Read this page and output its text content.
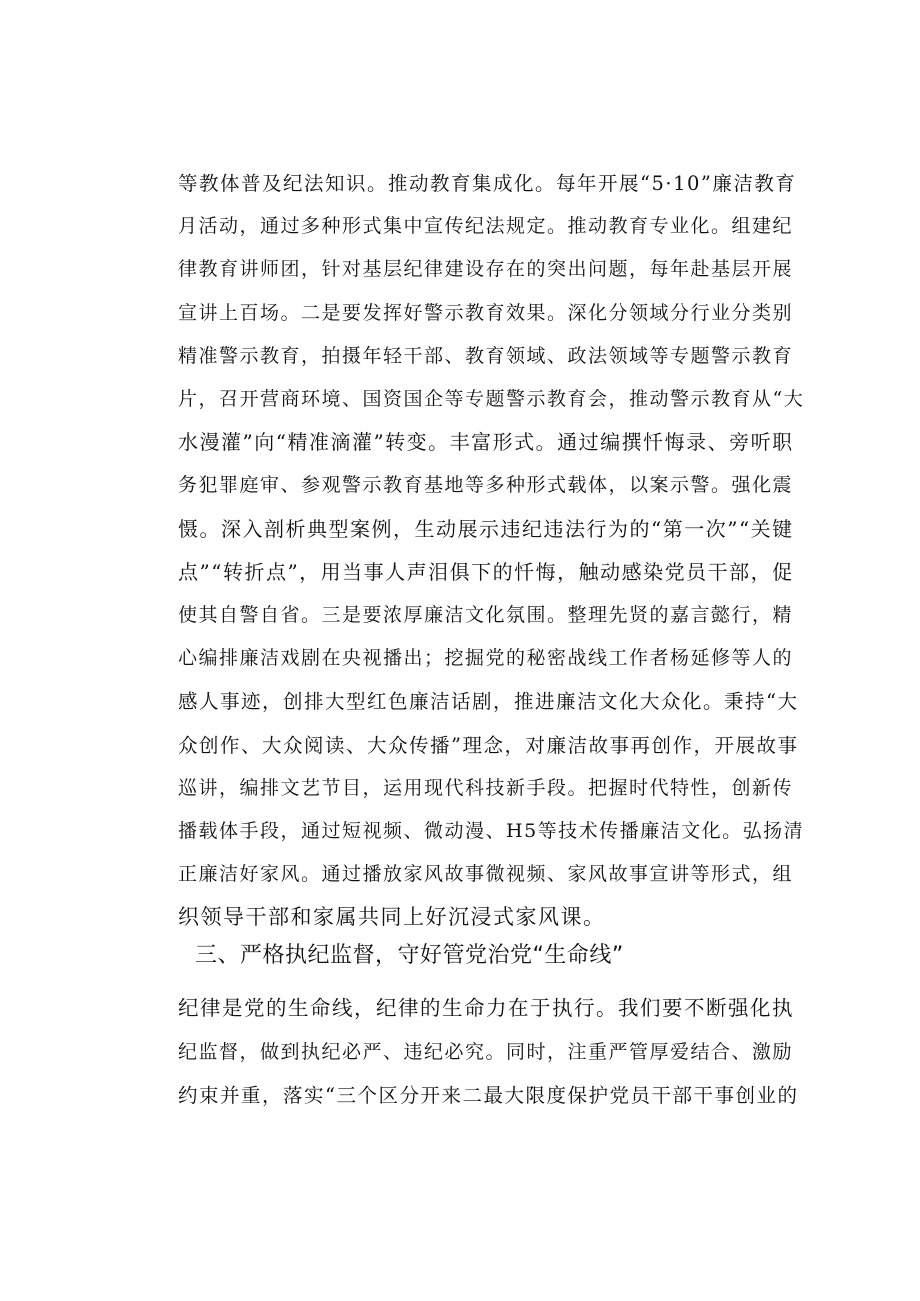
等教体普及纪法知识。推动教育集成化。每年开展“5·10”廉洁教育
月活动，通过多种形式集中宣传纪法规定。推动教育专业化。组建纪
律教育讲师团，针对基层纪律建设存在的突出问题，每年赴基层开展
宣讲上百场。二是要发挥好警示教育效果。深化分领域分行业分类别
精准警示教育，拍摄年轻干部、教育领域、政法领域等专题警示教育
片，召开营商环境、国资国企等专题警示教育会，推动警示教育从“大
水漫灌”向“精准滴灌”转变。丰富形式。通过编撰忏悔录、旁听职
务犯罪庭审、参观警示教育基地等多种形式载体，以案示警。强化震
慑。深入剖析典型案例，生动展示违纪违法行为的“第一次”“关键
点”“转折点”，用当事人声泪俱下的忏悔，触动感染党员干部，促
使其自警自省。三是要浓厚廉洁文化氛围。整理先贤的嘉言懿行，精
心编排廉洁戏剧在央视播出；挖掘党的秘密战线工作者杨延修等人的
感人事迹，创排大型红色廉洁话剧，推进廉洁文化大众化。秉持“大
众创作、大众阅读、大众传播”理念，对廉洁故事再创作，开展故事
巡讲，编排文艺节目，运用现代科技新手段。把握时代特性，创新传
播载体手段，通过短视频、微动漫、H5等技术传播廉洁文化。弘扬清
正廉洁好家风。通过播放家风故事微视频、家风故事宣讲等形式，组
织领导干部和家属共同上好沉浸式家风课。
三、严格执纪监督，守好管党治党“生命线”
纪律是党的生命线，纪律的生命力在于执行。我们要不断强化执
纪监督，做到执纪必严、违纪必究。同时，注重严管厚爱结合、激励
约束并重，落实“三个区分开来二最大限度保护党员干部干事创业的
